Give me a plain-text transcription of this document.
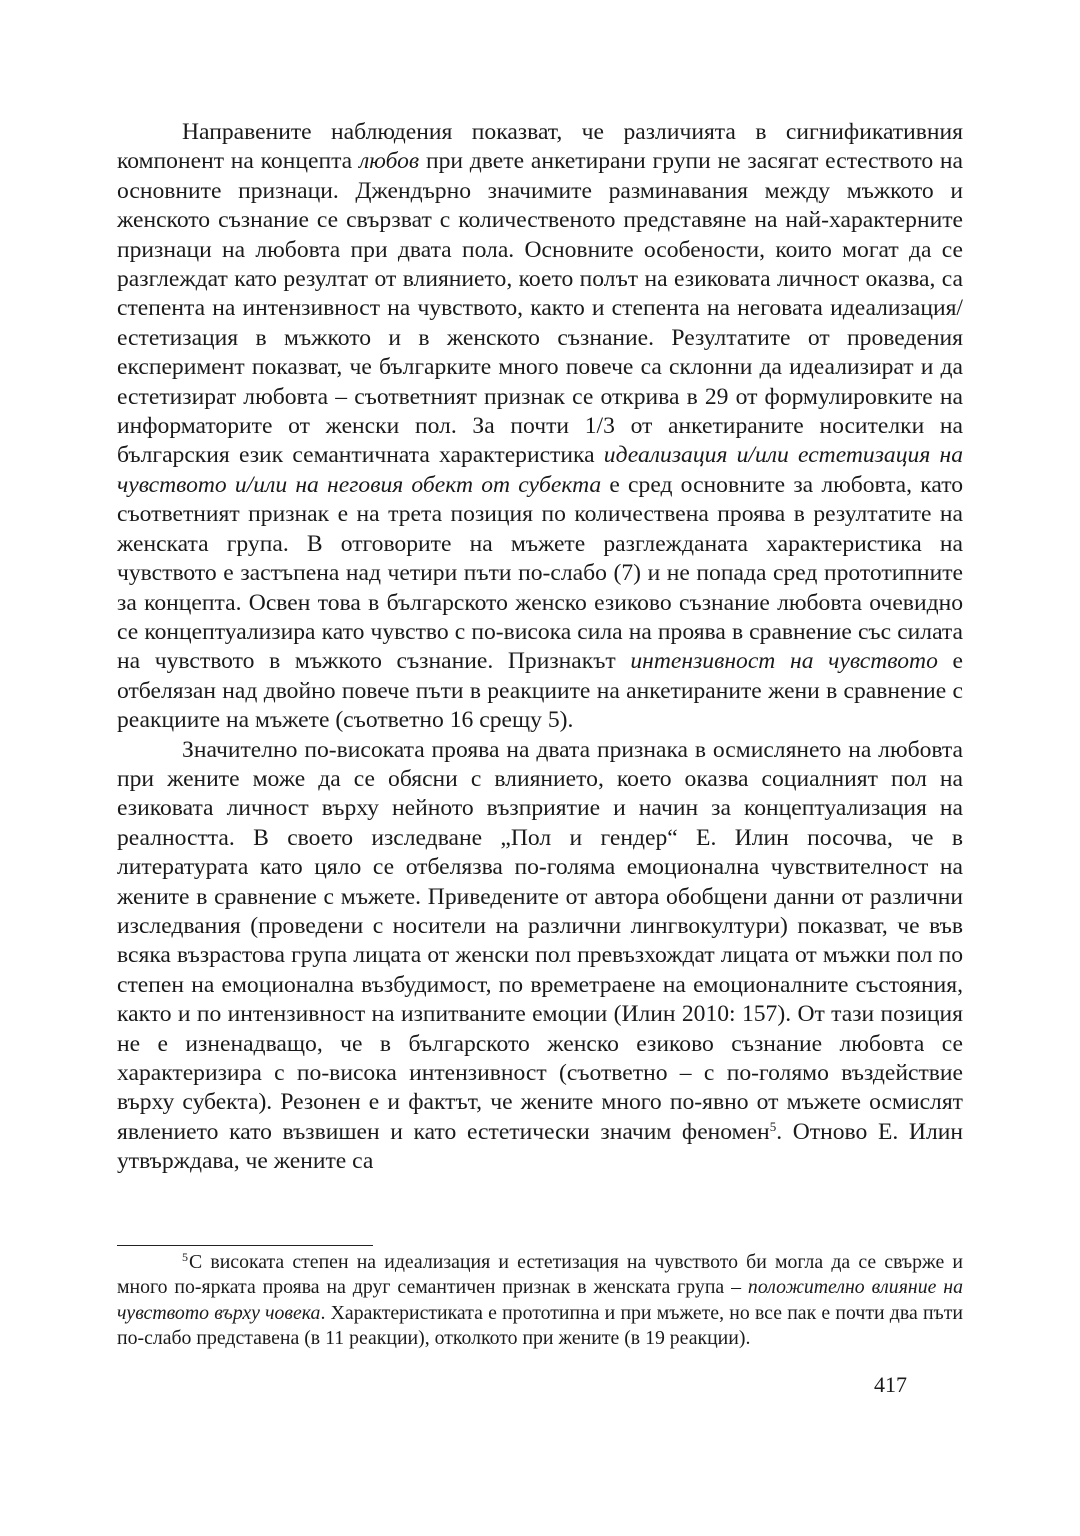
Направените наблюдения показват, че различията в сигнификативния компонент на концепта любов при двете анкетирани групи не засягат естеството на основните признаци. Джендърно значимите разминавания между мъжкото и женското съзнание се свързват с количественото представяне на най-характерните признаци на любовта при двата пола. Основните особености, които могат да се разглеждат като резултат от влиянието, което полът на езиковата личност оказва, са степента на интензивност на чувството, както и степента на неговата идеализация/естетизация в мъжкото и в женското съзнание. Резултатите от проведения експеримент показват, че българките много повече са склонни да идеализират и да естетизират любовта – съответният признак се открива в 29 от формулировките на информаторите от женски пол. За почти 1/3 от анкетираните носителки на българския език семантичната характеристика идеализация и/или естетизация на чувството и/или на неговия обект от субекта е сред основните за любовта, като съответният признак е на трета позиция по количествена проява в резултатите на женската група. В отговорите на мъжете разглежданата характеристика на чувството е застъпена над четири пъти по-слабо (7) и не попада сред прототипните за концепта. Освен това в българското женско езиково съзнание любовта очевидно се концептуализира като чувство с по-висока сила на проява в сравнение със силата на чувството в мъжкото съзнание. Признакът интензивност на чувството е отбелязан над двойно повече пъти в реакциите на анкетираните жени в сравнение с реакциите на мъжете (съответно 16 срещу 5).

Значително по-високата проява на двата признака в осмислянето на любовта при жените може да се обясни с влиянието, което оказва социалният пол на езиковата личност върху нейното възприятие и начин за концептуализация на реалността. В своето изследване „Пол и гендер“ Е. Илин посочва, че в литературата като цяло се отбелязва по-голяма емоционална чувствителност на жените в сравнение с мъжете. Приведените от автора обобщени данни от различни изследвания (проведени с носители на различни лингвокултури) показват, че във всяка възрастова група лицата от женски пол превъзхождат лицата от мъжки пол по степен на емоционална възбудимост, по времетраене на емоционалните състояния, както и по интензивност на изпитваните емоции (Илин 2010: 157). От тази позиция не е изненадващо, че в българското женско езиково съзнание любовта се характеризира с по-висока интензивност (съответно – с по-голямо въздействие върху субекта). Резонен е и фактът, че жените много по-явно от мъжете осмислят явлението като възвишен и като естетически значим феномен$^5$. Отново Е. Илин утвърждава, че жените са

$^5$С високата степен на идеализация и естетизация на чувството би могла да се свърже и много по-ярката проява на друг семантичен признак в женската група – положително влияние на чувството върху човека. Характеристиката е прототипна и при мъжете, но все пак е почти два пъти по-слабо представена (в 11 реакции), отколкото при жените (в 19 реакции).

417
